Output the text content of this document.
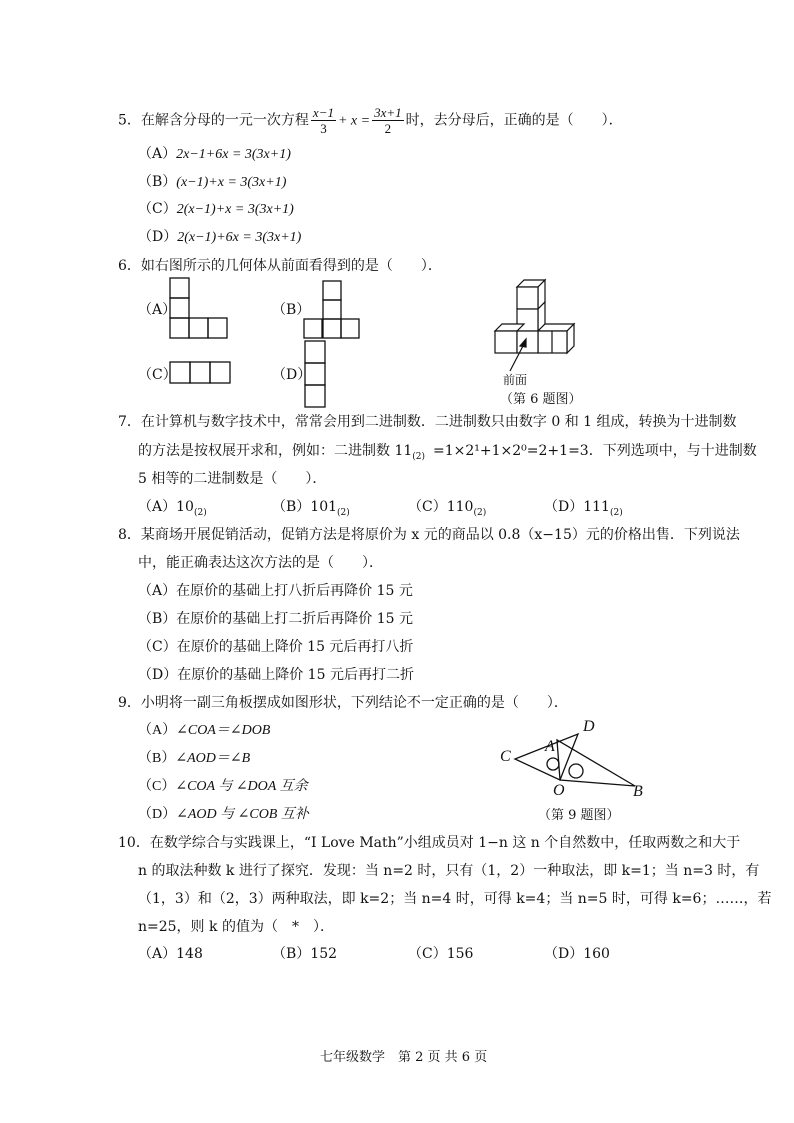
5．在解含分母的一元一次方程 $\frac{x-1}{3} + x = \frac{3x+1}{2}$ 时，去分母后，正确的是（　　）．
（A）2x−1+6x = 3(3x+1)
（B）(x−1)+x = 3(3x+1)
（C）2(x−1)+x = 3(3x+1)
（D）2(x−1)+6x = 3(3x+1)
6．如右图所示的几何体从前面看得到的是（　　）．
（A）	（B）
（C）	（D）	前面
（第 6 题图）
7．在计算机与数字技术中，常常会用到二进制数．二进制数只由数字 0 和 1 组成，转换为十进制数
的方法是按权展开求和，例如：二进制数 $11_{(2)} =1\times 2^1+1\times 2^0=2+1=3$．下列选项中，与十进制数
5 相等的二进制数是（　　）．
$(A)10_{(2)}$	$(B)101_{(2)}$	$(C)110_{(2)}$	$(D)111_{(2)}$
8．某商场开展促销活动，促销方法是将原价为 x 元的商品以 0.8（x−15）元的价格出售．下列说法
中，能正确表达这次方法的是（　　）．
（A）在原价的基础上打八折后再降价 15 元
（B）在原价的基础上打二折后再降价 15 元
（C）在原价的基础上降价 15 元后再打八折
（D）在原价的基础上降价 15 元后再打二折
9．小明将一副三角板摆成如图形状，下列结论不一定正确的是（　　）．
（A）∠COA＝∠DOB
（B）∠AOD＝∠B
（C）∠COA 与 ∠DOA 互余
（D）∠AOD 与 ∠COB 互补
C
A
D
O	B
（第 9 题图）
10．在数学综合与实践课上，“I Love Math”小组成员对 1−n 这 n 个自然数中，任取两数之和大于
n 的取法种数 k 进行了探究．发现：当 n=2 时，只有（1，2）一种取法，即 k=1；当 n=3 时，有
（1，3）和（2，3）两种取法，即 k=2；当 n=4 时，可得 k=4；当 n=5 时，可得 k=6；……，若
n=25，则 k 的值为（　*　）．
（A）148	（B）152	（C）156	（D）160
七年级数学　第 2 页 共 6 页
